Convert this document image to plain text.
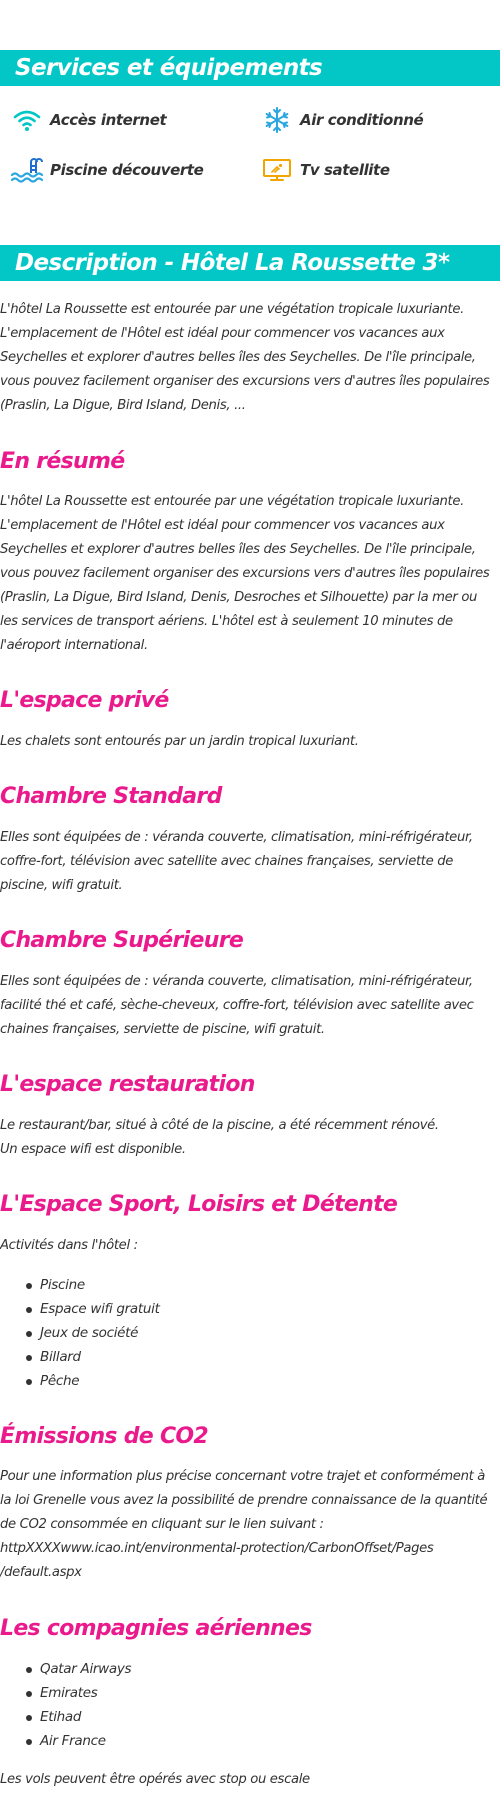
Services et équipements
Accès internet	Air conditionné
Piscine découverte	Tv satellite
Description - Hôtel La Roussette 3*

L'hôtel La Roussette est entourée par une végétation tropicale luxuriante. L'emplacement de l'Hôtel est idéal pour commencer vos vacances aux Seychelles et explorer d'autres belles îles des Seychelles. De l'île principale, vous pouvez facilement organiser des excursions vers d'autres îles populaires (Praslin, La Digue, Bird Island, Denis, ...

En résumé

L'hôtel La Roussette est entourée par une végétation tropicale luxuriante. L'emplacement de l'Hôtel est idéal pour commencer vos vacances aux Seychelles et explorer d'autres belles îles des Seychelles. De l'île principale, vous pouvez facilement organiser des excursions vers d'autres îles populaires (Praslin, La Digue, Bird Island, Denis, Desroches et Silhouette) par la mer ou les services de transport aériens. L'hôtel est à seulement 10 minutes de l'aéroport international.

L'espace privé

Les chalets sont entourés par un jardin tropical luxuriant.

Chambre Standard

Elles sont équipées de : véranda couverte, climatisation, mini-réfrigérateur, coffre-fort, télévision avec satellite avec chaines françaises, serviette de piscine, wifi gratuit.

Chambre Supérieure

Elles sont équipées de : véranda couverte, climatisation, mini-réfrigérateur, facilité thé et café, sèche-cheveux, coffre-fort, télévision avec satellite avec chaines françaises, serviette de piscine, wifi gratuit.

L'espace restauration

Le restaurant/bar, situé à côté de la piscine, a été récemment rénové.

Un espace wifi est disponible.

L'Espace Sport, Loisirs et Détente

Activités dans l'hôtel :

Piscine
Espace wifi gratuit
Jeux de société
Billard
Pêche
Émissions de CO2

Pour une information plus précise concernant votre trajet et conformément à la loi Grenelle vous avez la possibilité de prendre connaissance de la quantité de CO2 consommée en cliquant sur le lien suivant :

httpXXXXwww.icao.int/environmental-protection/CarbonOffset/Pages

/default.aspx

Les compagnies aériennes
Qatar Airways
Emirates
Etihad
Air France

Les vols peuvent être opérés avec stop ou escale
